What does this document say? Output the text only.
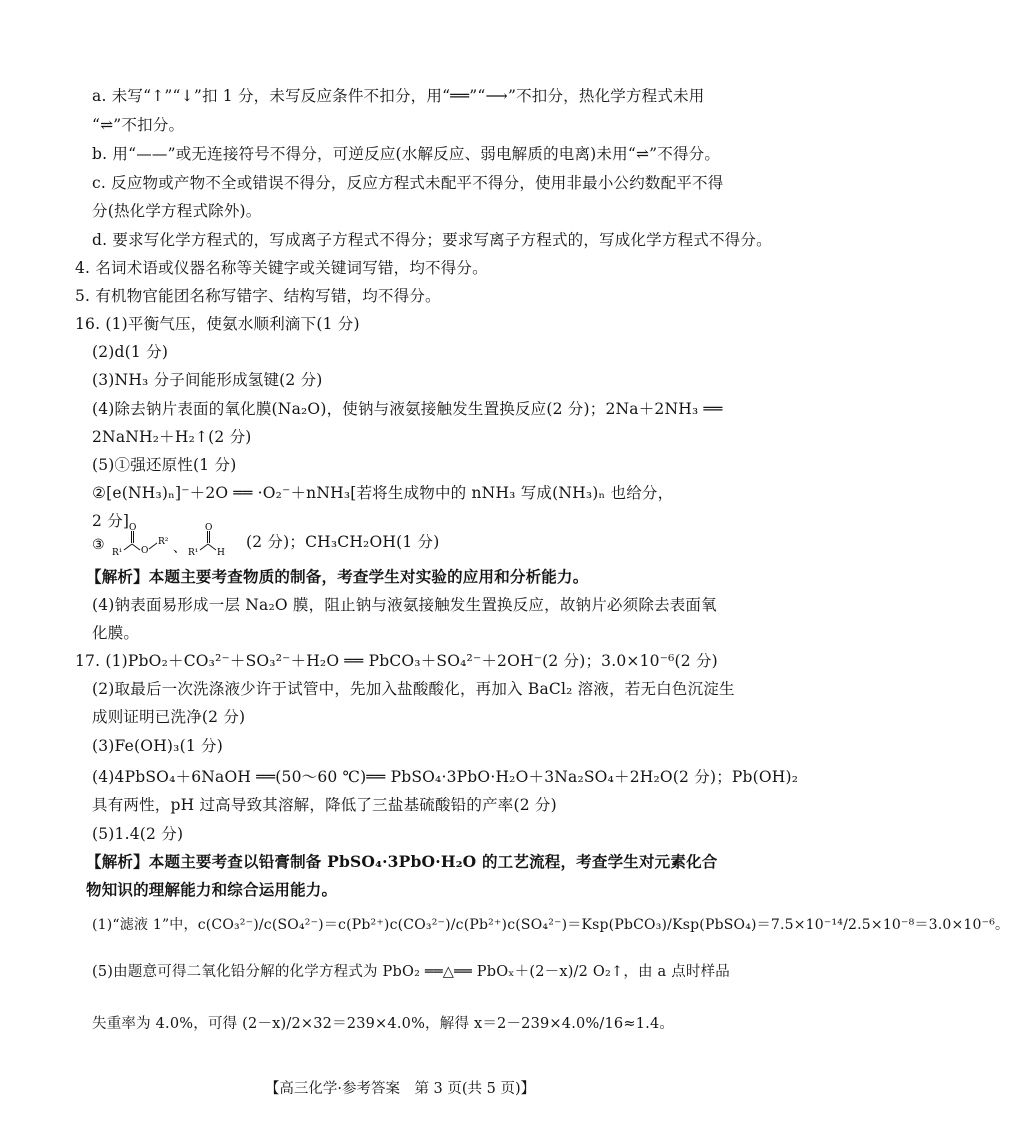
a. 未写“↑”“↓”扣 1 分，未写反应条件不扣分，用“══”“⟶”不扣分，热化学方程式未用
“⇌”不扣分。
b. 用“——”或无连接符号不得分，可逆反应(水解反应、弱电解质的电离)未用“⇌”不得分。
c. 反应物或产物不全或错误不得分，反应方程式未配平不得分，使用非最小公约数配平不得
分(热化学方程式除外)。
d. 要求写化学方程式的，写成离子方程式不得分；要求写离子方程式的，写成化学方程式不得分。
4. 名词术语或仪器名称等关键字或关键词写错，均不得分。
5. 有机物官能团名称写错字、结构写错，均不得分。
16. (1)平衡气压，使氨水顺利滴下(1 分)
(2)d(1 分)
(3)NH₃ 分子间能形成氢键(2 分)
(4)除去钠片表面的氧化膜(Na₂O)，使钠与液氨接触发生置换反应(2 分)；2Na＋2NH₃ ══
2NaNH₂＋H₂↑(2 分)
(5)①强还原性(1 分)
②[e(NH₃)ₙ]⁻＋2O ══ ·O₂⁻＋nNH₃[若将生成物中的 nNH₃ 写成(NH₃)ₙ 也给分，
2 分]
③ R¹
O
O
R² 、 R¹
O
H
(2 分)；CH₃CH₂OH(1 分)
【解析】本题主要考查物质的制备，考查学生对实验的应用和分析能力。
(4)钠表面易形成一层 Na₂O 膜，阻止钠与液氨接触发生置换反应，故钠片必须除去表面氧
化膜。
17. (1)PbO₂＋CO₃²⁻＋SO₃²⁻＋H₂O ══ PbCO₃＋SO₄²⁻＋2OH⁻(2 分)；3.0×10⁻⁶(2 分)
(2)取最后一次洗涤液少许于试管中，先加入盐酸酸化，再加入 BaCl₂ 溶液，若无白色沉淀生
成则证明已洗净(2 分)
(3)Fe(OH)₃(1 分)
(4)4PbSO₄＋6NaOH ══(50～60 ℃)══ PbSO₄·3PbO·H₂O＋3Na₂SO₄＋2H₂O(2 分)；Pb(OH)₂
具有两性，pH 过高导致其溶解，降低了三盐基硫酸铅的产率(2 分)
(5)1.4(2 分)
【解析】本题主要考查以铅膏制备 PbSO₄·3PbO·H₂O 的工艺流程，考查学生对元素化合
物知识的理解能力和综合运用能力。
(1)“滤液 1”中，c(CO₃²⁻)/c(SO₄²⁻)＝c(Pb²⁺)c(CO₃²⁻)/c(Pb²⁺)c(SO₄²⁻)＝Ksp(PbCO₃)/Ksp(PbSO₄)＝7.5×10⁻¹⁴/2.5×10⁻⁸＝3.0×10⁻⁶。
(5)由题意可得二氧化铅分解的化学方程式为 PbO₂ ══△══ PbOₓ＋(2－x)/2 O₂↑，由 a 点时样品
失重率为 4.0%，可得 (2－x)/2×32＝239×4.0%，解得 x＝2－239×4.0%/16≈1.4。
【高三化学·参考答案　第 3 页(共 5 页)】
